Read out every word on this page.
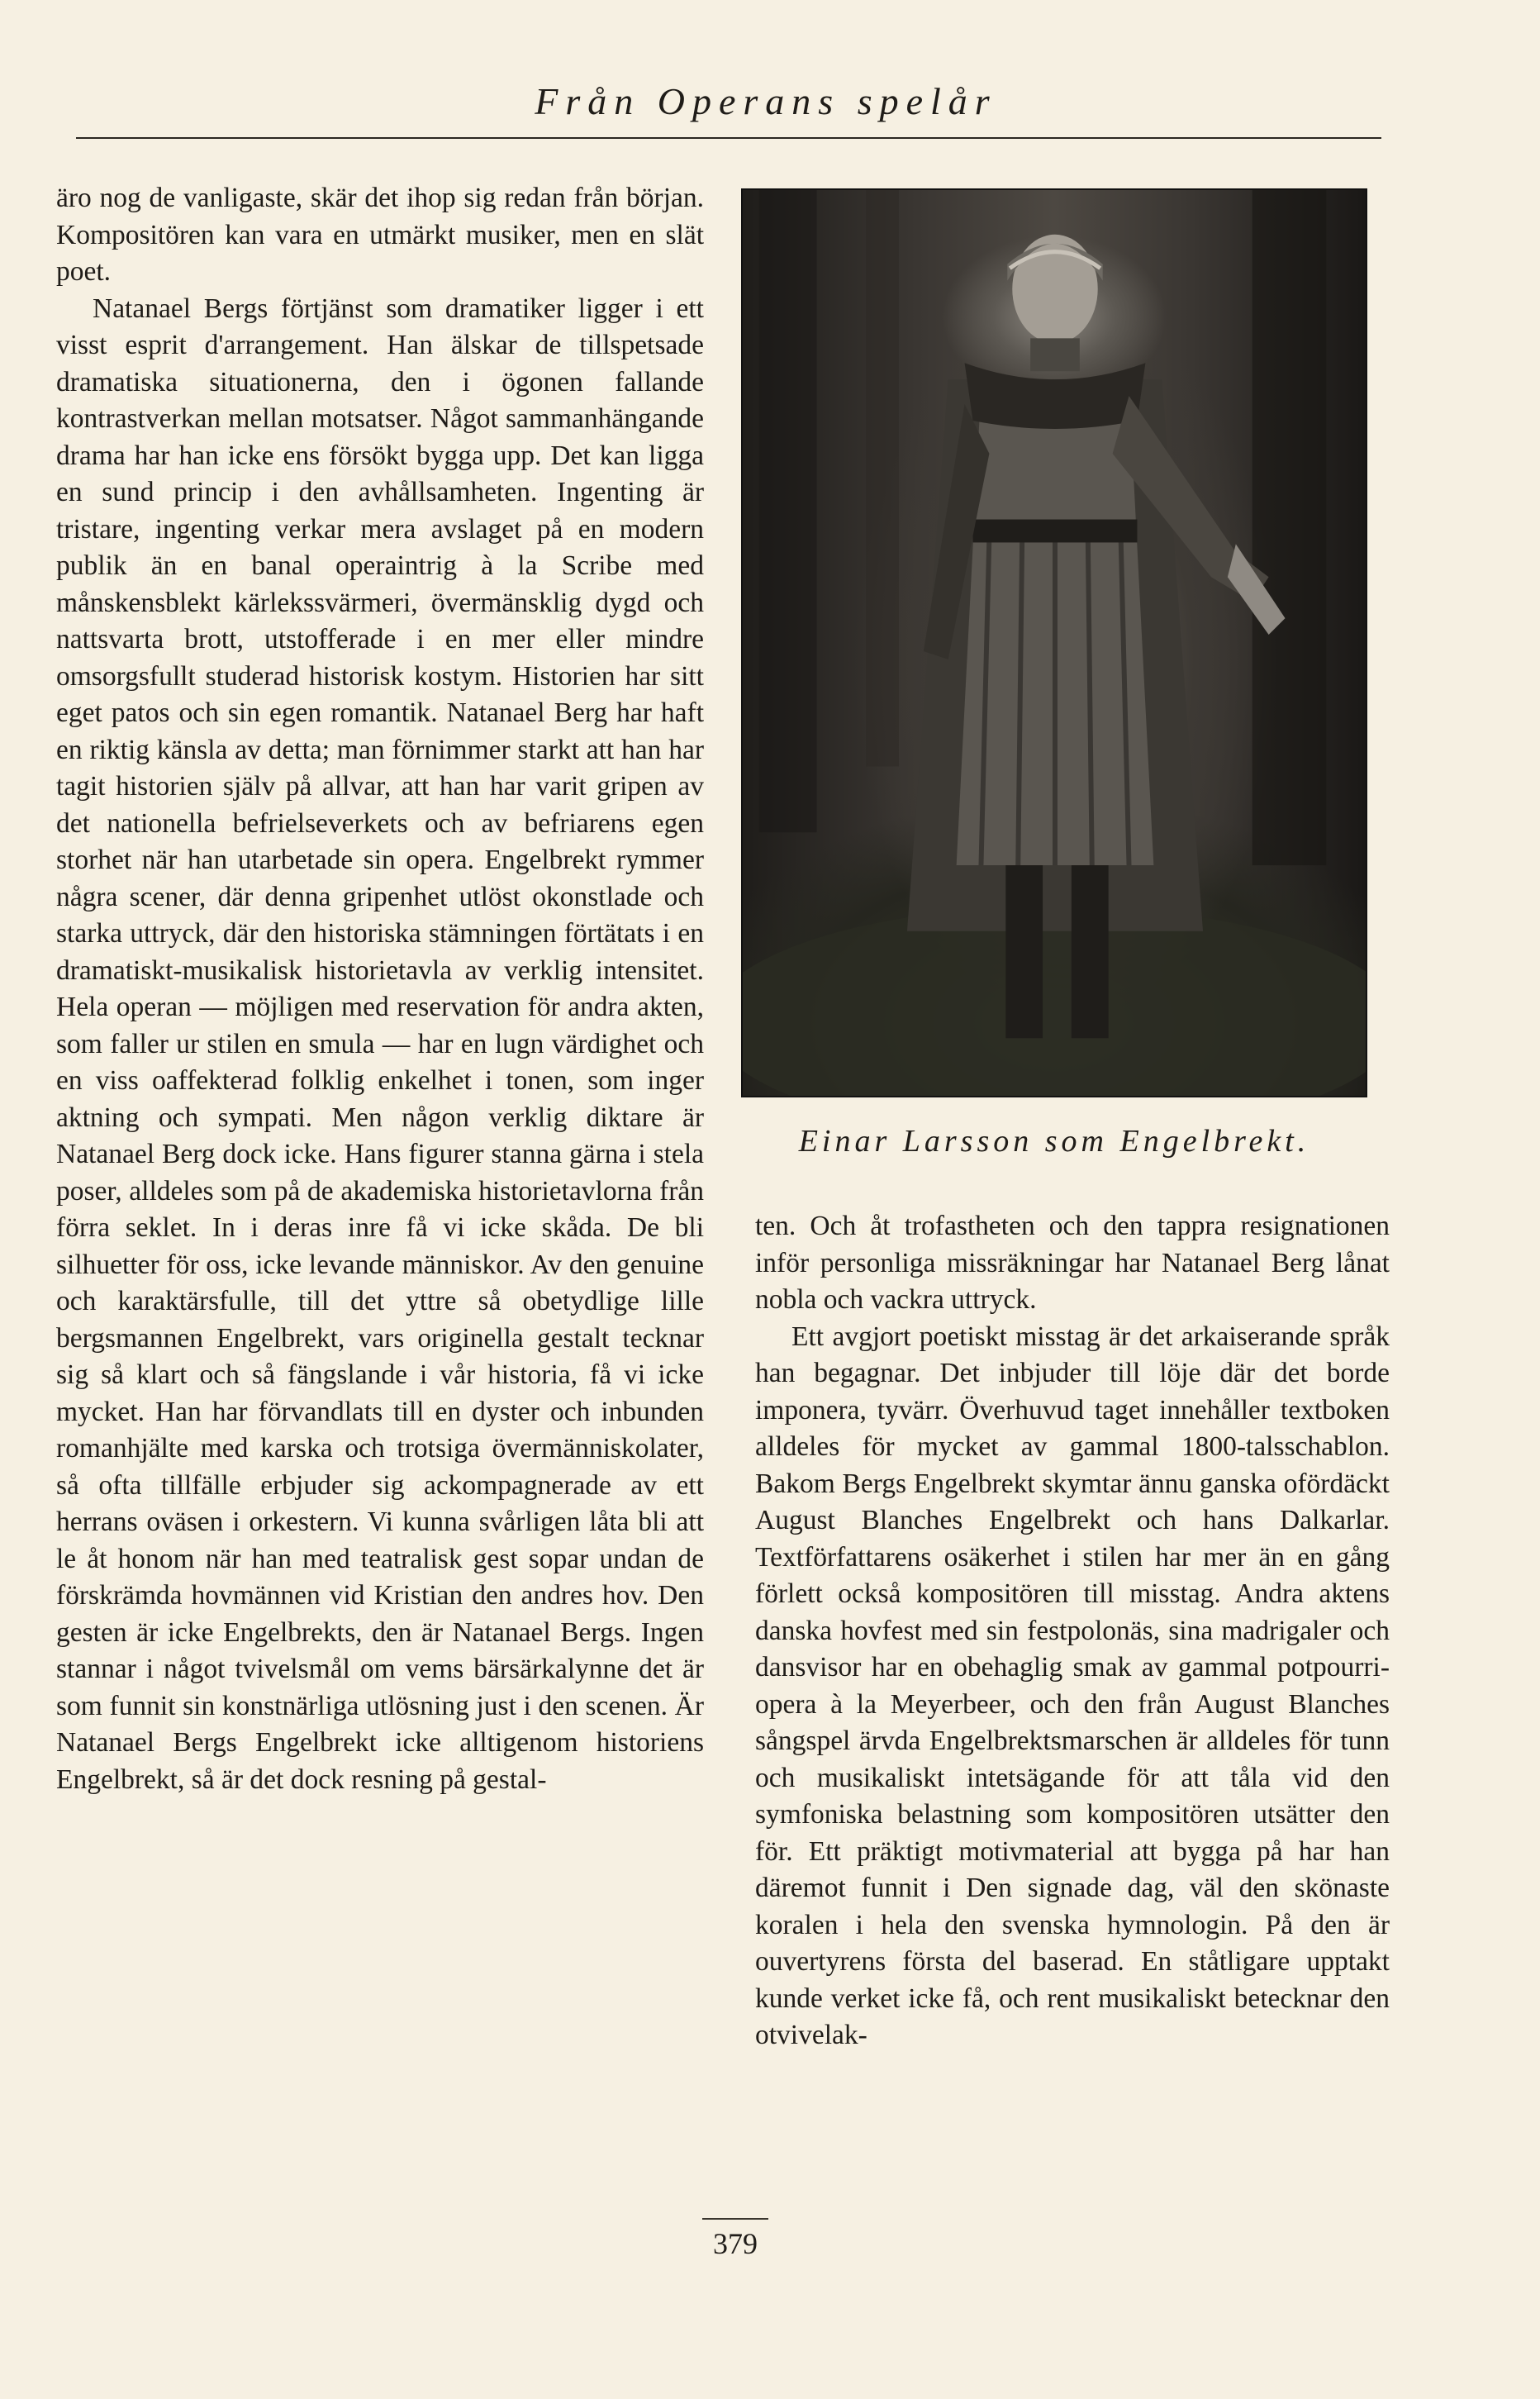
Från Operans spelår

äro nog de vanligaste, skär det ihop sig redan från början. Kompositören kan vara en utmärkt musiker, men en slät poet.

Natanael Bergs förtjänst som dramatiker ligger i ett visst esprit d'arrangement. Han älskar de tillspetsade dramatiska situationerna, den i ögonen fallande kontrastverkan mellan motsatser. Något sammanhängande drama har han icke ens försökt bygga upp. Det kan ligga en sund princip i den avhållsamheten. Ingenting är tristare, ingenting verkar mera avslaget på en modern publik än en banal operaintrig à la Scribe med månskensblekt kärlekssvärmeri, övermänsklig dygd och nattsvarta brott, utstofferade i en mer eller mindre omsorgsfullt studerad historisk kostym. Historien har sitt eget patos och sin egen romantik. Natanael Berg har haft en riktig känsla av detta; man förnimmer starkt att han har tagit historien själv på allvar, att han har varit gripen av det nationella befrielseverkets och av befriarens egen storhet när han utarbetade sin opera. Engelbrekt rymmer några scener, där denna gripenhet utlöst okonstlade och starka uttryck, där den historiska stämningen förtätats i en dramatiskt-musikalisk historietavla av verklig intensitet. Hela operan — möjligen med reservation för andra akten, som faller ur stilen en smula — har en lugn värdighet och en viss oaffekterad folklig enkelhet i tonen, som inger aktning och sympati. Men någon verklig diktare är Natanael Berg dock icke. Hans figurer stanna gärna i stela poser, alldeles som på de akademiska historietavlorna från förra seklet. In i deras inre få vi icke skåda. De bli silhuetter för oss, icke levande människor. Av den genuine och karaktärsfulle, till det yttre så obetydlige lille bergsmannen Engelbrekt, vars originella gestalt tecknar sig så klart och så fängslande i vår historia, få vi icke mycket. Han har förvandlats till en dyster och inbunden romanhjälte med karska och trotsiga övermänniskolater, så ofta tillfälle erbjuder sig ackompagnerade av ett herrans oväsen i orkestern. Vi kunna svårligen låta bli att le åt honom när han med teatralisk gest sopar undan de förskrämda hovmännen vid Kristian den andres hov. Den gesten är icke Engelbrekts, den är Natanael Bergs. Ingen stannar i något tvivelsmål om vems bärsärkalynne det är som funnit sin konstnärliga utlösning just i den scenen. Är Natanael Bergs Engelbrekt icke alltigenom historiens Engelbrekt, så är det dock resning på gestal-

Einar Larsson som Engelbrekt.

ten. Och åt trofastheten och den tappra resignationen inför personliga missräkningar har Natanael Berg lånat nobla och vackra uttryck.

Ett avgjort poetiskt misstag är det arkaiserande språk han begagnar. Det inbjuder till löje där det borde imponera, tyvärr. Överhuvud taget innehåller textboken alldeles för mycket av gammal 1800-talsschablon. Bakom Bergs Engelbrekt skymtar ännu ganska ofördäckt August Blanches Engelbrekt och hans Dalkarlar. Textförfattarens osäkerhet i stilen har mer än en gång förlett också kompositören till misstag. Andra aktens danska hovfest med sin festpolonäs, sina madrigaler och dansvisor har en obehaglig smak av gammal potpourri-opera à la Meyerbeer, och den från August Blanches sångspel ärvda Engelbrektsmarschen är alldeles för tunn och musikaliskt intetsägande för att tåla vid den symfoniska belastning som kompositören utsätter den för. Ett präktigt motivmaterial att bygga på har han däremot funnit i Den signade dag, väl den skönaste koralen i hela den svenska hymnologin. På den är ouvertyrens första del baserad. En ståtligare upptakt kunde verket icke få, och rent musikaliskt betecknar den otvivelak-

379
